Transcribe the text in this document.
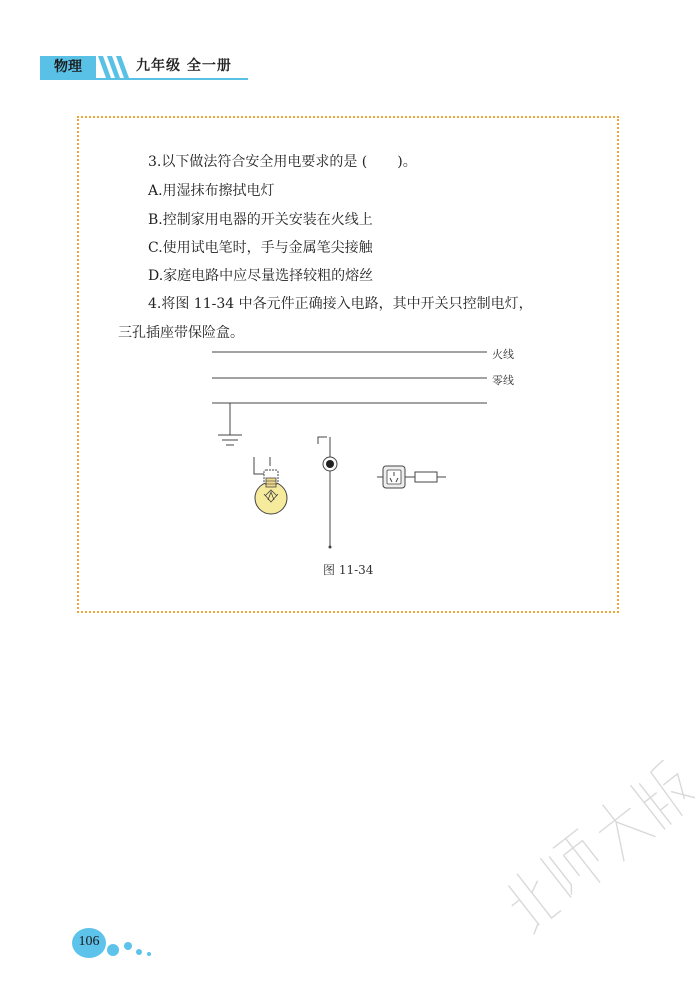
物理	九年级 全一册
3.以下做法符合安全用电要求的是 ( )。
A.用湿抹布擦拭电灯
B.控制家用电器的开关安装在火线上
C.使用试电笔时，手与金属笔尖接触
D.家庭电路中应尽量选择较粗的熔丝
4.将图 11-34 中各元件正确接入电路，其中开关只控制电灯，
三孔插座带保险盒。
火线
零线
图 11-34
106
